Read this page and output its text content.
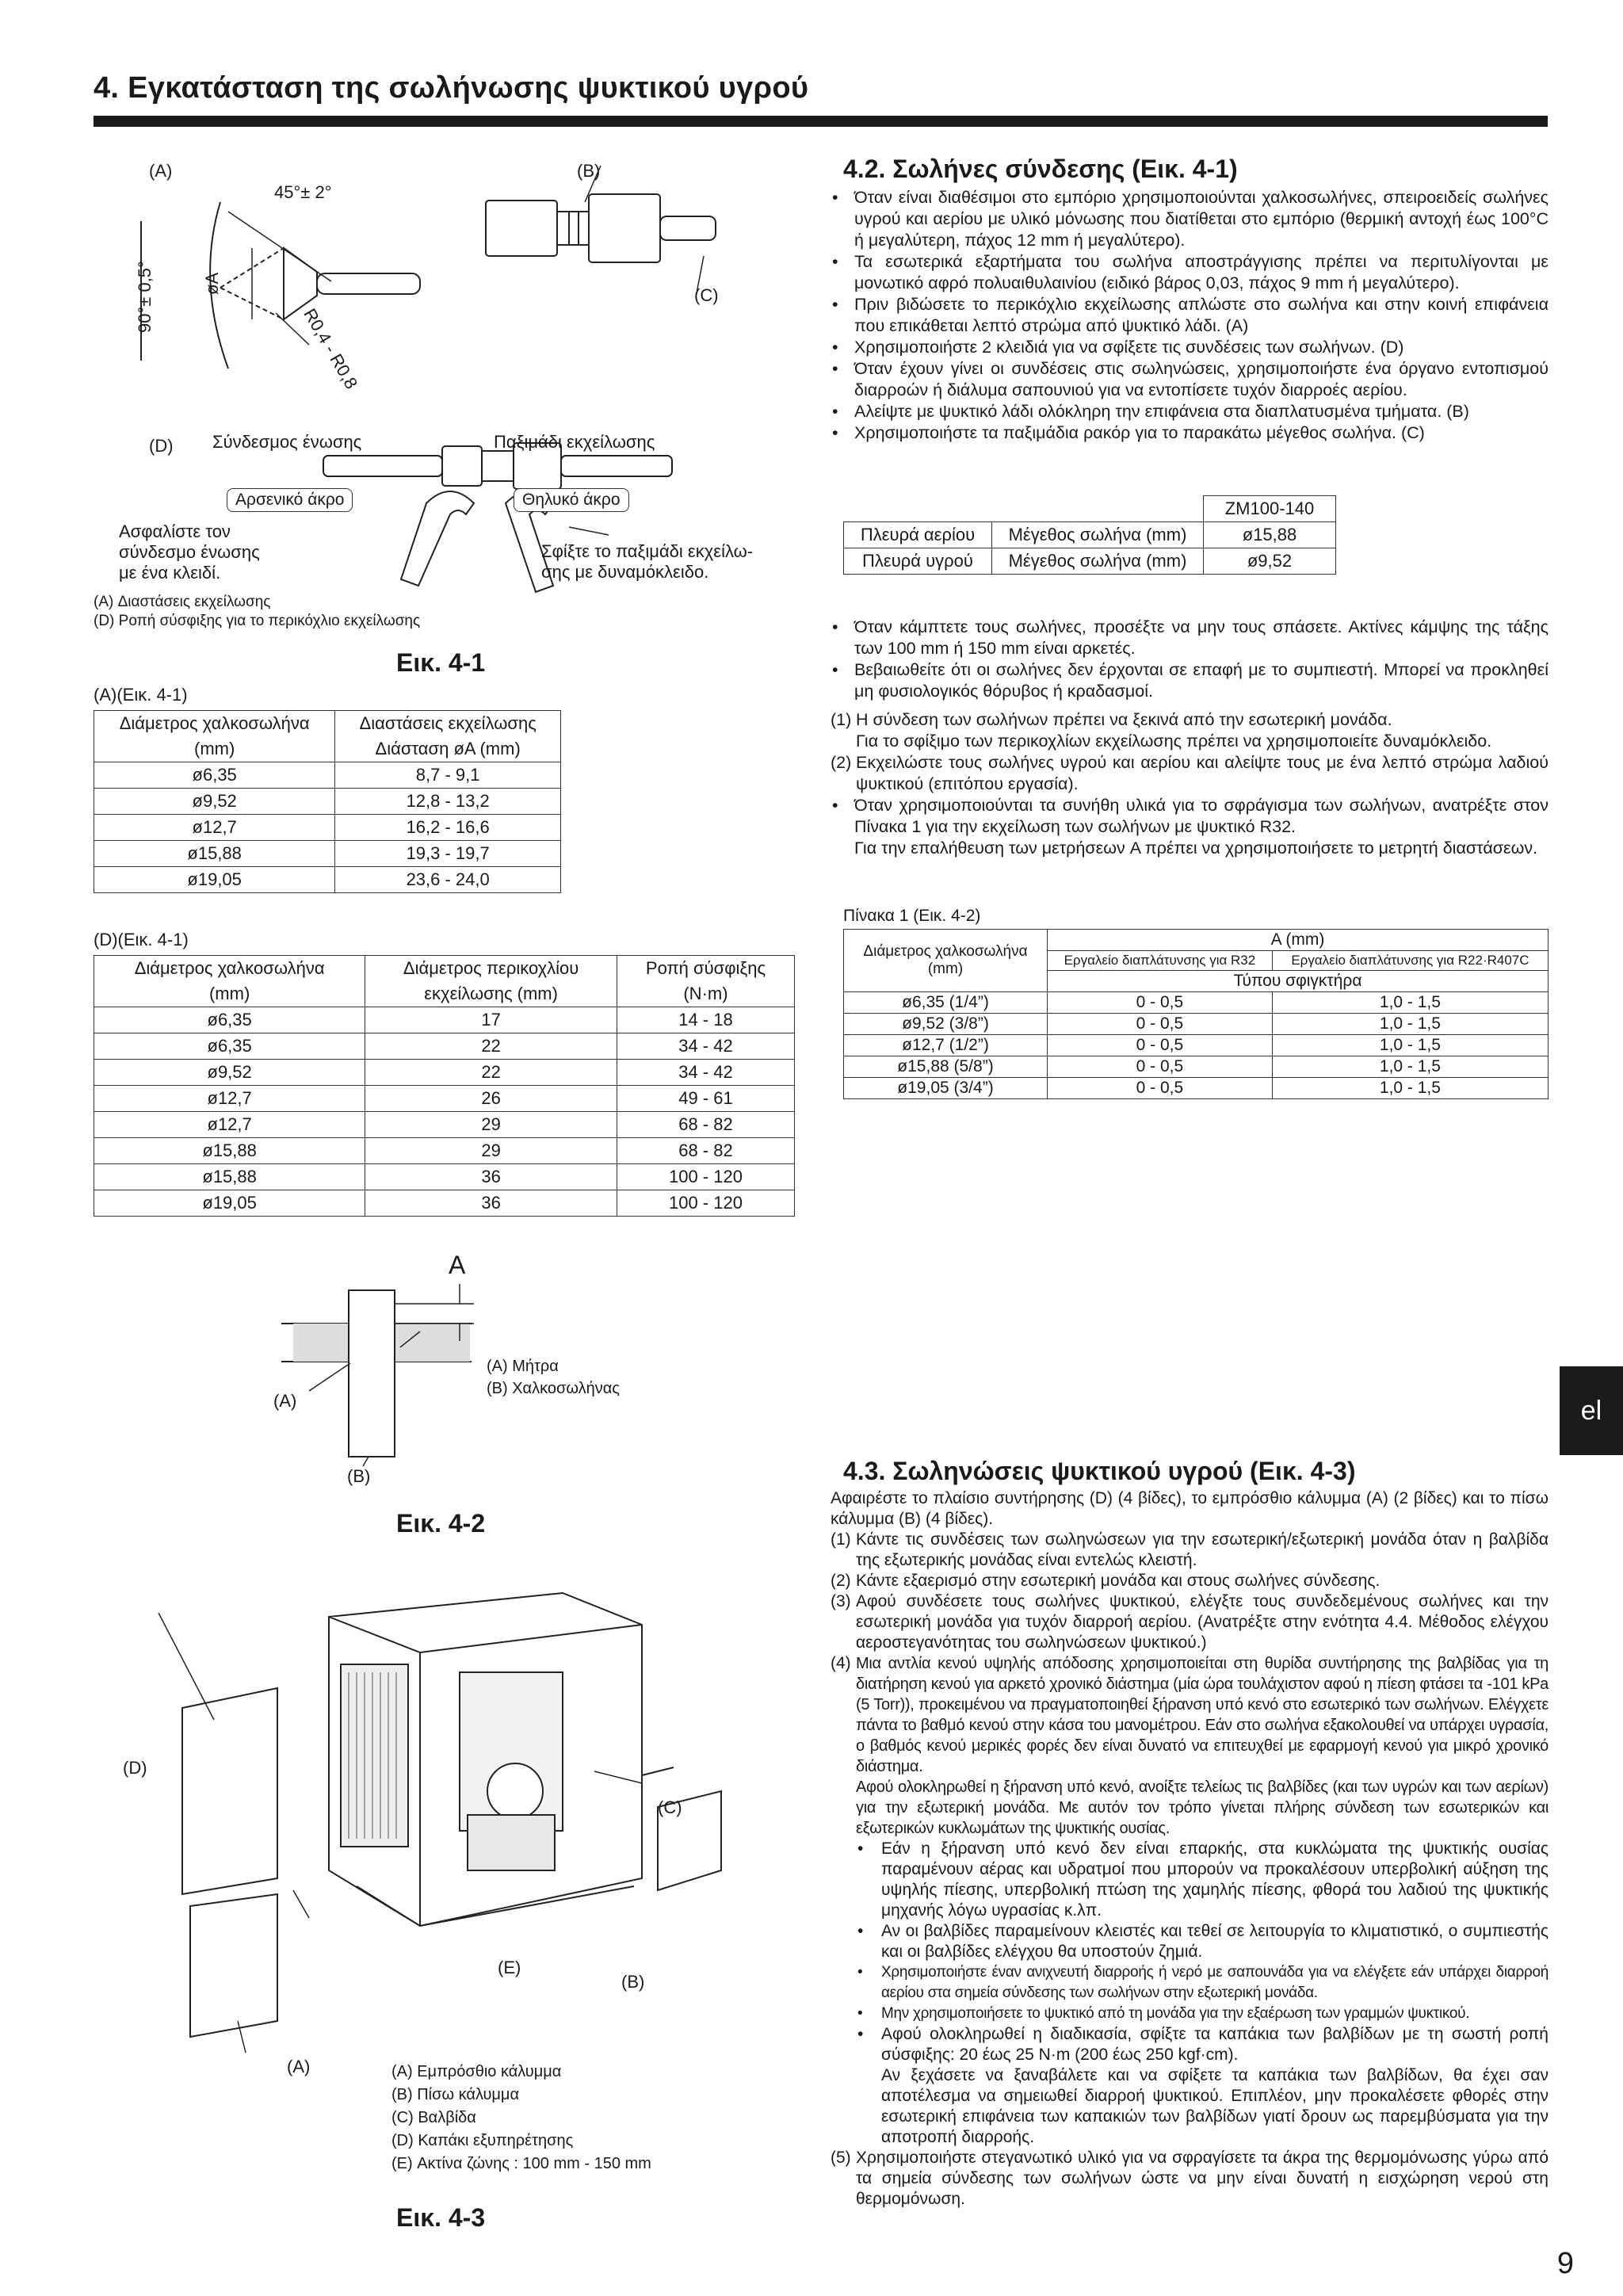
4. Εγκατάσταση της σωλήνωσης ψυκτικού υγρού
(A)
45°± 2°
90°± 0,5°	øA
R0,4 - R0,8
(B)
(C)
(D) Σύνδεσμος ένωσης	Παξιμάδι εκχείλωσης
Αρσενικό άκρο	Θηλυκό άκρο
Ασφαλίστε τον
σύνδεσμο ένωσης
με ένα κλειδί.
Σφίξτε το παξιμάδι εκχείλω-
σης με δυναμόκλειδο.
(A) Διαστάσεις εκχείλωσης
(D) Ροπή σύσφιξης για το περικόχλιο εκχείλωσης
Εικ. 4-1
(A)(Εικ. 4-1)
Διάμετρος χαλκοσωλήνα	Διαστάσεις εκχείλωσης
(mm)	Διάσταση øA (mm)
ø6,35	8,7 - 9,1
ø9,52	12,8 - 13,2
ø12,7	16,2 - 16,6
ø15,88	19,3 - 19,7
ø19,05	23,6 - 24,0
(D)(Εικ. 4-1)
Διάμετρος χαλκοσωλήνα	Διάμετρος περικοχλίου	Ροπή σύσφιξης
(mm)	εκχείλωσης (mm)	(N·m)
ø6,35	17	14 - 18
ø6,35	22	34 - 42
ø9,52	22	34 - 42
ø12,7	26	49 - 61
ø12,7	29	68 - 82
ø15,88	29	68 - 82
ø15,88	36	100 - 120
ø19,05	36	100 - 120
A
(A)
(B)
(A) Μήτρα
(B) Χαλκοσωλήνας
Εικ. 4-2
(D)
(C)
(E)
(B)
(A)	(A) Εμπρόσθιο κάλυμμα
(B) Πίσω κάλυμμα
(C) Βαλβίδα
(D) Καπάκι εξυπηρέτησης
(E) Ακτίνα ζώνης : 100 mm - 150 mm
Εικ. 4-3
4.2. Σωλήνες σύνδεσης (Εικ. 4-1)
• Όταν είναι διαθέσιμοι στο εμπόριο χρησιμοποιούνται χαλκοσωλήνες, σπειροειδείς σωλήνες υγρού και αερίου με υλικό μόνωσης που διατίθεται στο εμπόριο (θερμική αντοχή έως 100°C ή μεγαλύτερη, πάχος 12 mm ή μεγαλύτερο).
• Τα εσωτερικά εξαρτήματα του σωλήνα αποστράγγισης πρέπει να περιτυλίγονται με μονωτικό αφρό πολυαιθυλαινίου (ειδικό βάρος 0,03, πάχος 9 mm ή μεγαλύτερο).
• Πριν βιδώσετε το περικόχλιο εκχείλωσης απλώστε στο σωλήνα και στην κοινή επιφάνεια που επικάθεται λεπτό στρώμα από ψυκτικό λάδι. (A)
• Χρησιμοποιήστε 2 κλειδιά για να σφίξετε τις συνδέσεις των σωλήνων. (D)
• Όταν έχουν γίνει οι συνδέσεις στις σωληνώσεις, χρησιμοποιήστε ένα όργανο εντοπισμού διαρροών ή διάλυμα σαπουνιού για να εντοπίσετε τυχόν διαρροές αερίου.
• Αλείψτε με ψυκτικό λάδι ολόκληρη την επιφάνεια στα διαπλατυσμένα τμήματα. (B)
• Χρησιμοποιήστε τα παξιμάδια ρακόρ για το παρακάτω μέγεθος σωλήνα. (C)
		ZM100-140
Πλευρά αερίου	Μέγεθος σωλήνα (mm)	ø15,88
Πλευρά υγρού	Μέγεθος σωλήνα (mm)	ø9,52
• Όταν κάμπτετε τους σωλήνες, προσέξτε να μην τους σπάσετε. Ακτίνες κάμψης της τάξης των 100 mm ή 150 mm είναι αρκετές.
• Βεβαιωθείτε ότι οι σωλήνες δεν έρχονται σε επαφή με το συμπιεστή. Μπορεί να προκληθεί μη φυσιολογικός θόρυβος ή κραδασμοί.
(1) Η σύνδεση των σωλήνων πρέπει να ξεκινά από την εσωτερική μονάδα.
Για το σφίξιμο των περικοχλίων εκχείλωσης πρέπει να χρησιμοποιείτε δυναμόκλειδο.
(2) Εκχειλώστε τους σωλήνες υγρού και αερίου και αλείψτε τους με ένα λεπτό στρώμα λαδιού ψυκτικού (επιτόπου εργασία).
• Όταν χρησιμοποιούνται τα συνήθη υλικά για το σφράγισμα των σωλήνων, ανατρέξτε στον Πίνακα 1 για την εκχείλωση των σωλήνων με ψυκτικό R32.
Για την επαλήθευση των μετρήσεων A πρέπει να χρησιμοποιήσετε το μετρητή διαστάσεων.
Πίνακα 1 (Εικ. 4-2)
Διάμετρος χαλκοσωλήνα (mm)	A (mm)	
	Εργαλείο διαπλάτυνσης για R32	Εργαλείο διαπλάτυνσης για R22·R407C
	Τύπου σφιγκτήρα	
ø6,35 (1/4”)	0 - 0,5	1,0 - 1,5
ø9,52 (3/8”)	0 - 0,5	1,0 - 1,5
ø12,7 (1/2”)	0 - 0,5	1,0 - 1,5
ø15,88 (5/8”)	0 - 0,5	1,0 - 1,5
ø19,05 (3/4”)	0 - 0,5	1,0 - 1,5
el
4.3. Σωληνώσεις ψυκτικού υγρού (Εικ. 4-3)
Αφαιρέστε το πλαίσιο συντήρησης (D) (4 βίδες), το εμπρόσθιο κάλυμμα (A) (2 βίδες) και το πίσω κάλυμμα (B) (4 βίδες).
(1) Κάντε τις συνδέσεις των σωληνώσεων για την εσωτερική/εξωτερική μονάδα όταν η βαλβίδα της εξωτερικής μονάδας είναι εντελώς κλειστή.
(2) Κάντε εξαερισμό στην εσωτερική μονάδα και στους σωλήνες σύνδεσης.
(3) Αφού συνδέσετε τους σωλήνες ψυκτικού, ελέγξτε τους συνδεδεμένους σωλήνες και την εσωτερική μονάδα για τυχόν διαρροή αερίου. (Ανατρέξτε στην ενότητα 4.4. Μέθοδος ελέγχου αεροστεγανότητας του σωληνώσεων ψυκτικού.)
(4) Μια αντλία κενού υψηλής απόδοσης χρησιμοποιείται στη θυρίδα συντήρησης της βαλβίδας για τη διατήρηση κενού για αρκετό χρονικό διάστημα (μία ώρα τουλάχιστον αφού η πίεση φτάσει τα -101 kPa (5 Torr)), προκειμένου να πραγματοποιηθεί ξήρανση υπό κενό στο εσωτερικό των σωλήνων. Ελέγχετε πάντα το βαθμό κενού στην κάσα του μανομέτρου. Εάν στο σωλήνα εξακολουθεί να υπάρχει υγρασία, ο βαθμός κενού μερικές φορές δεν είναι δυνατό να επιτευχθεί με εφαρμογή κενού για μικρό χρονικό διάστημα.
Αφού ολοκληρωθεί η ξήρανση υπό κενό, ανοίξτε τελείως τις βαλβίδες (και των υγρών και των αερίων) για την εξωτερική μονάδα. Με αυτόν τον τρόπο γίνεται πλήρης σύνδεση των εσωτερικών και εξωτερικών κυκλωμάτων της ψυκτικής ουσίας.
• Εάν η ξήρανση υπό κενό δεν είναι επαρκής, στα κυκλώματα της ψυκτικής ουσίας παραμένουν αέρας και υδρατμοί που μπορούν να προκαλέσουν υπερβολική αύξηση της υψηλής πίεσης, υπερβολική πτώση της χαμηλής πίεσης, φθορά του λαδιού της ψυκτικής μηχανής λόγω υγρασίας κ.λπ.
• Αν οι βαλβίδες παραμείνουν κλειστές και τεθεί σε λειτουργία το κλιματιστικό, ο συμπιεστής και οι βαλβίδες ελέγχου θα υποστούν ζημιά.
• Χρησιμοποιήστε έναν ανιχνευτή διαρροής ή νερό με σαπουνάδα για να ελέγξετε εάν υπάρχει διαρροή αερίου στα σημεία σύνδεσης των σωλήνων στην εξωτερική μονάδα.
• Μην χρησιμοποιήσετε το ψυκτικό από τη μονάδα για την εξαέρωση των γραμμών ψυκτικού.
• Αφού ολοκληρωθεί η διαδικασία, σφίξτε τα καπάκια των βαλβίδων με τη σωστή ροπή σύσφιξης: 20 έως 25 N·m (200 έως 250 kgf·cm).
Αν ξεχάσετε να ξαναβάλετε και να σφίξετε τα καπάκια των βαλβίδων, θα έχει σαν αποτέλεσμα να σημειωθεί διαρροή ψυκτικού. Επιπλέον, μην προκαλέσετε φθορές στην εσωτερική επιφάνεια των καπακιών των βαλβίδων γιατί δρουν ως παρεμβύσματα για την αποτροπή διαρροής.
(5) Χρησιμοποιήστε στεγανωτικό υλικό για να σφραγίσετε τα άκρα της θερμομόνωσης γύρω από τα σημεία σύνδεσης των σωλήνων ώστε να μην είναι δυνατή η εισχώρηση νερού στη θερμομόνωση.
9
